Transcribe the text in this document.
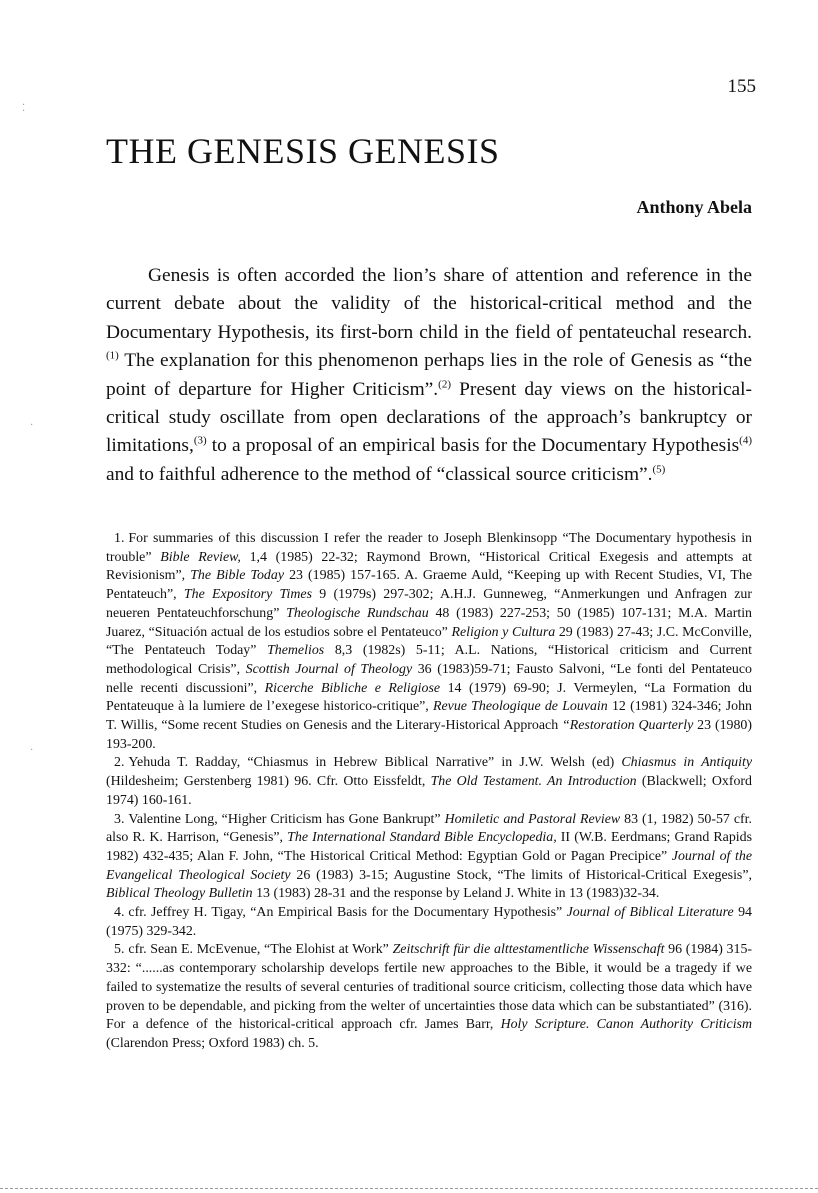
155
THE GENESIS GENESIS
Anthony Abela

Genesis is often accorded the lion’s share of attention and reference in the current debate about the validity of the historical-critical method and the Documentary Hypothesis, its first-born child in the field of pentateuchal research.$^{(1)}$ The explanation for this phenomenon perhaps lies in the role of Genesis as “the point of departure for Higher Criticism”.$^{(2)}$ Present day views on the historical-critical study oscillate from open declarations of the approach’s bankruptcy or limitations,$^{(3)}$ to a proposal of an empirical basis for the Documentary Hypothesis$^{(4)}$ and to faithful adherence to the method of “classical source criticism”.$^{(5)}$

1. For summaries of this discussion I refer the reader to Joseph Blenkinsopp “The Documentary hypothesis in trouble” Bible Review, 1,4 (1985) 22-32; Raymond Brown, “Historical Critical Exegesis and attempts at Revisionism”, The Bible Today 23 (1985) 157-165. A. Graeme Auld, “Keeping up with Recent Studies, VI, The Pentateuch”, The Expository Times 9 (1979s) 297-302; A.H.J. Gunneweg, “Anmerkungen und Anfragen zur neueren Pentateuchforschung” Theologische Rundschau 48 (1983) 227-253; 50 (1985) 107-131; M.A. Martin Juarez, “Situación actual de los estudios sobre el Pentateuco” Religion y Cultura 29 (1983) 27-43; J.C. McConville, “The Pentateuch Today” Themelios 8,3 (1982s) 5-11; A.L. Nations, “Historical criticism and Current methodological Crisis”, Scottish Journal of Theology 36 (1983)59-71; Fausto Salvoni, “Le fonti del Pentateuco nelle recenti discussioni”, Ricerche Bibliche e Religiose 14 (1979) 69-90; J. Vermeylen, “La Formation du Pentateuque à la lumiere de l’exegese historico-critique”, Revue Theologique de Louvain 12 (1981) 324-346; John T. Willis, “Some recent Studies on Genesis and the Literary-Historical Approach “Restoration Quarterly 23 (1980) 193-200.

2. Yehuda T. Radday, “Chiasmus in Hebrew Biblical Narrative” in J.W. Welsh (ed) Chiasmus in Antiquity (Hildesheim; Gerstenberg 1981) 96. Cfr. Otto Eissfeldt, The Old Testament. An Introduction (Blackwell; Oxford 1974) 160-161.

3. Valentine Long, “Higher Criticism has Gone Bankrupt” Homiletic and Pastoral Review 83 (1, 1982) 50-57 cfr. also R. K. Harrison, “Genesis”, The International Standard Bible Encyclopedia, II (W.B. Eerdmans; Grand Rapids 1982) 432-435; Alan F. John, “The Historical Critical Method: Egyptian Gold or Pagan Precipice” Journal of the Evangelical Theological Society 26 (1983) 3-15; Augustine Stock, “The limits of Historical-Critical Exegesis”, Biblical Theology Bulletin 13 (1983) 28-31 and the response by Leland J. White in 13 (1983)32-34.

4. cfr. Jeffrey H. Tigay, “An Empirical Basis for the Documentary Hypothesis” Journal of Biblical Literature 94 (1975) 329-342.

5. cfr. Sean E. McEvenue, “The Elohist at Work” Zeitschrift für die alttestamentliche Wissenschaft 96 (1984) 315-332: “......as contemporary scholarship develops fertile new approaches to the Bible, it would be a tragedy if we failed to systematize the results of several centuries of traditional source criticism, collecting those data which have proven to be dependable, and picking from the welter of uncertainties those data which can be substantiated” (316). For a defence of the historical-critical approach cfr. James Barr, Holy Scripture. Canon Authority Criticism (Clarendon Press; Oxford 1983) ch. 5.

⁚
·
·
